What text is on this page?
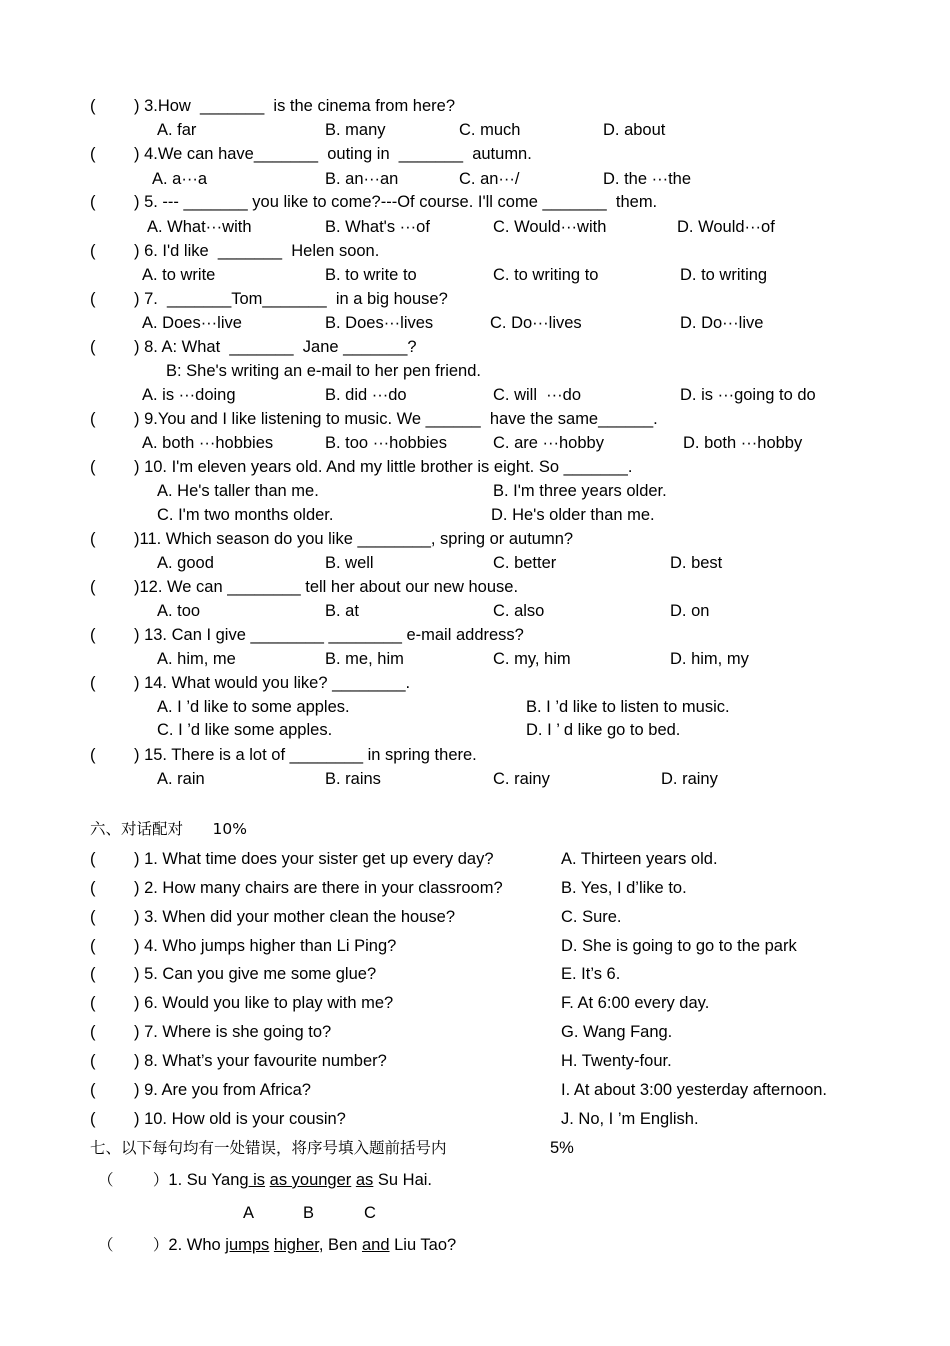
( ) 3.How  _______  is the cinema from here?
A. far	B. many	C. much	D. about
( ) 4.We can have_______  outing in  _______  autumn.
A. a···a	B. an···an	C. an···/	D. the ···the
( ) 5. --- _______ you like to come?---Of course. I'll come _______  them.
A. What···with	B. What's ···of	C. Would···with	D. Would···of
( ) 6. I'd like  _______  Helen soon.
A. to write	B. to write to	C. to writing to	D. to writing
( ) 7.  _______Tom_______  in a big house?
A. Does···live	B. Does···lives	C. Do···lives	D. Do···live
( ) 8. A: What  _______  Jane _______?
B: She's writing an e-mail to her pen friend.
A. is ···doing	B. did ···do	C. will  ···do	D. is ···going to do
( ) 9.You and I like listening to music. We ______  have the same______.
A. both ···hobbies	B. too ···hobbies	C. are ···hobby	D. both ···hobby
( ) 10. I'm eleven years old. And my little brother is eight. So _______.
A. He's taller than me.	B. I'm three years older.
C. I'm two months older.	D. He's older than me.
( )11. Which season do you like ________, spring or autumn?
A. good	B. well	C. better	D. best
( )12. We can ________ tell her about our new house.
A. too	B. at	C. also	D. on
( ) 13. Can I give ________ ________ e-mail address?
A. him, me	B. me, him	C. my, him	D. him, my
( ) 14. What would you like? ________.
A. I ’d like to some apples.	B. I ’d like to listen to music.
C. I ’d like some apples.	D. I ’ d like go to bed.
( ) 15. There is a lot of ________ in spring there.
A. rain	B. rains	C. rainy	D. rainy
六、对话配对      10%
( ) 1. What time does your sister get up every day?	A. Thirteen years old.
( ) 2. How many chairs are there in your classroom?	B. Yes, I d’like to.
( ) 3. When did your mother clean the house?	C. Sure.
( ) 4. Who jumps higher than Li Ping?	D. She is going to go to the park
( ) 5. Can you give me some glue?	E. It’s 6.
( ) 6. Would you like to play with me?	F. At 6:00 every day.
( ) 7. Where is she going to?	G. Wang Fang.
( ) 8. What’s your favourite number?	H. Twenty-four.
( ) 9. Are you from Africa?	I. At about 3:00 yesterday afternoon.
( ) 10. How old is your cousin?	J. No, I ’m English.
七、以下每句均有一处错误，将序号填入题前括号内	5%
（        ）1. Su Yang is as younger as Su Hai.
A	B	C
（        ）2. Who jumps higher, Ben and Liu Tao?
